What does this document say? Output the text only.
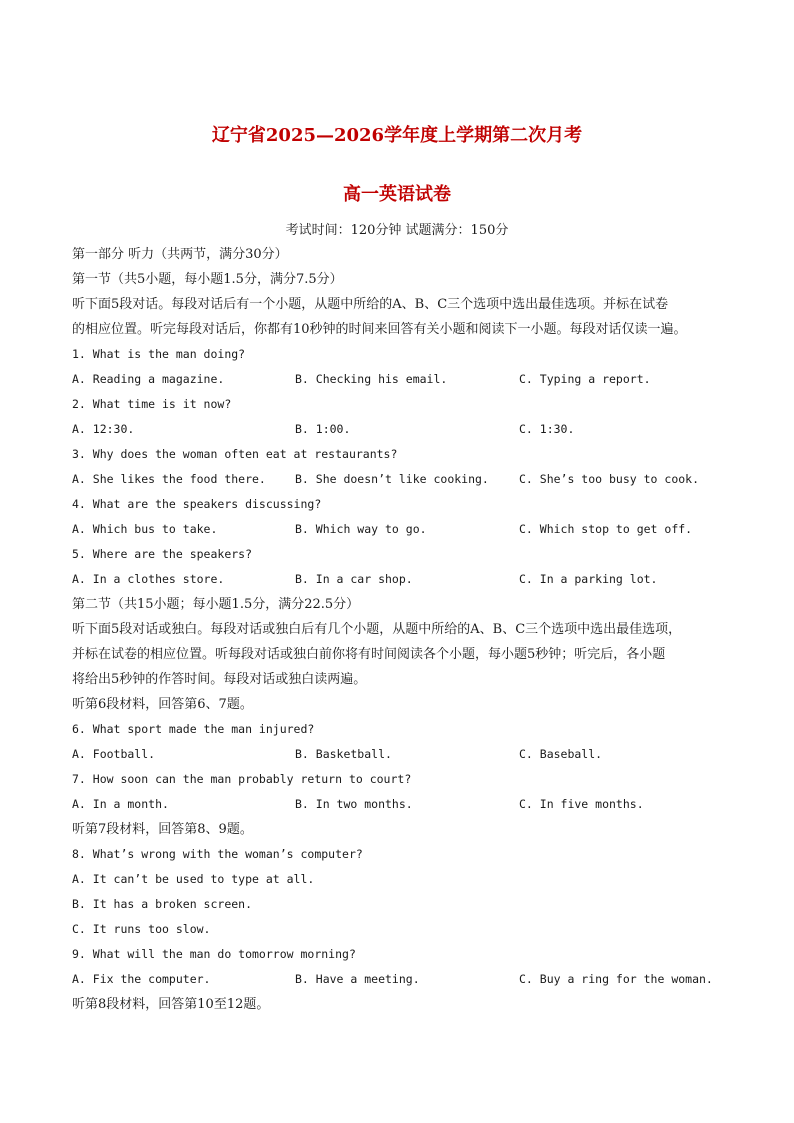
辽宁省2025—2026学年度上学期第二次月考
高一英语试卷
考试时间：120分钟 试题满分：150分
第一部分 听力（共两节，满分30分）
第一节（共5小题，每小题1.5分，满分7.5分）
听下面5段对话。每段对话后有一个小题，从题中所给的A、B、C三个选项中选出最佳选项。并标在试卷
的相应位置。听完每段对话后，你都有10秒钟的时间来回答有关小题和阅读下一小题。每段对话仅读一遍。
1. What is the man doing?
A. Reading a magazine.	B. Checking his email.	C. Typing a report.
2. What time is it now?
A. 12:30.	B. 1:00.	C. 1:30.
3. Why does the woman often eat at restaurants?
A. She likes the food there.	B. She doesn’t like cooking.	C. She’s too busy to cook.
4. What are the speakers discussing?
A. Which bus to take.	B. Which way to go.	C. Which stop to get off.
5. Where are the speakers?
A. In a clothes store.	B. In a car shop.	C. In a parking lot.
第二节（共15小题；每小题1.5分，满分22.5分）
听下面5段对话或独白。每段对话或独白后有几个小题，从题中所给的A、B、C三个选项中选出最佳选项，
并标在试卷的相应位置。听每段对话或独白前你将有时间阅读各个小题，每小题5秒钟；听完后，各小题
将给出5秒钟的作答时间。每段对话或独白读两遍。
听第6段材料，回答第6、7题。
6. What sport made the man injured?
A. Football.	B. Basketball.	C. Baseball.
7. How soon can the man probably return to court?
A. In a month.	B. In two months.	C. In five months.
听第7段材料，回答第8、9题。
8. What’s wrong with the woman’s computer?
A. It can’t be used to type at all.
B. It has a broken screen.
C. It runs too slow.
9. What will the man do tomorrow morning?
A. Fix the computer.	B. Have a meeting.	C. Buy a ring for the woman.
听第8段材料，回答第10至12题。
